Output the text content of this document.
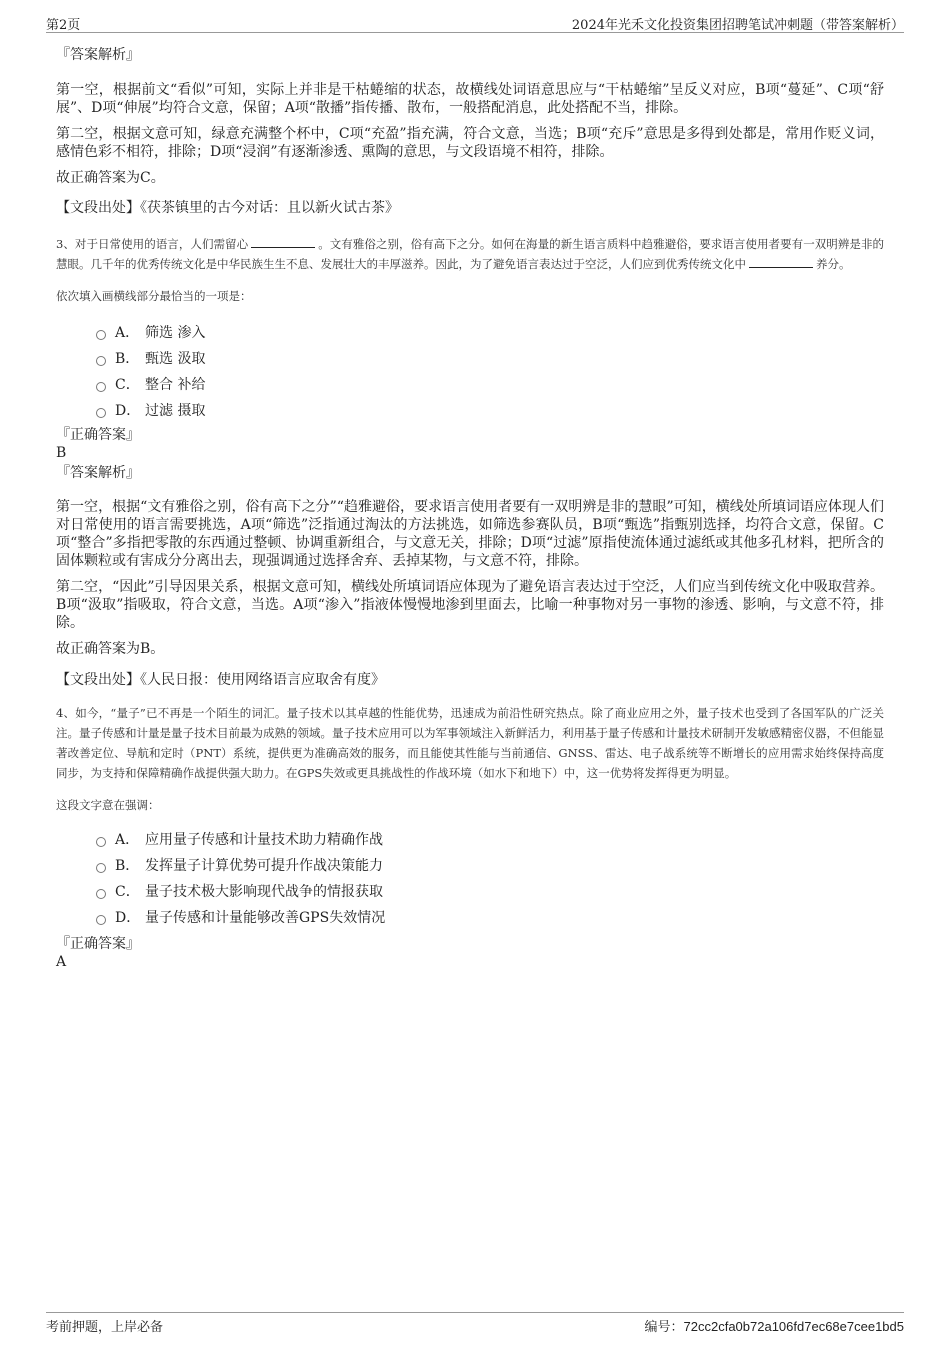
第2页	2024年光禾文化投资集团招聘笔试冲刺题（带答案解析）

『答案解析』

第一空，根据前文“看似”可知，实际上并非是干枯蜷缩的状态，故横线处词语意思应与“干枯蜷缩”呈反义对应，B项“蔓延”、C项“舒展”、D项“伸展”均符合文意，保留；A项“散播”指传播、散布，一般搭配消息，此处搭配不当，排除。

第二空，根据文意可知，绿意充满整个杯中，C项“充盈”指充满，符合文意，当选；B项“充斥”意思是多得到处都是，常用作贬义词，感情色彩不相符，排除；D项“浸润”有逐渐渗透、熏陶的意思，与文段语境不相符，排除。

故正确答案为C。

【文段出处】《茯茶镇里的古今对话：且以新火试古茶》

3、对于日常使用的语言，人们需留心	。文有雅俗之别，俗有高下之分。如何在海量的新生语言质料中趋雅避俗，要求语言使用者要有一双明辨是非的慧眼。几千年的优秀传统文化是中华民族生生不息、发展壮大的丰厚滋养。因此，为了避免语言表达过于空泛，人们应到优秀传统文化中	养分。

依次填入画横线部分最恰当的一项是：

A． 筛选 渗入
B． 甄选 汲取
C． 整合 补给
D． 过滤 摄取

『正确答案』

B

『答案解析』

第一空，根据“文有雅俗之别，俗有高下之分”“趋雅避俗，要求语言使用者要有一双明辨是非的慧眼”可知，横线处所填词语应体现人们对日常使用的语言需要挑选，A项“筛选”泛指通过淘汰的方法挑选，如筛选参赛队员，B项“甄选”指甄别选择，均符合文意，保留。C项“整合”多指把零散的东西通过整顿、协调重新组合，与文意无关，排除；D项“过滤”原指使流体通过滤纸或其他多孔材料，把所含的固体颗粒或有害成分分离出去，现强调通过选择舍弃、丢掉某物，与文意不符，排除。

第二空，“因此”引导因果关系，根据文意可知，横线处所填词语应体现为了避免语言表达过于空泛，人们应当到传统文化中吸取营养。B项“汲取”指吸取，符合文意，当选。A项“渗入”指液体慢慢地渗到里面去，比喻一种事物对另一事物的渗透、影响，与文意不符，排除。

故正确答案为B。

【文段出处】《人民日报：使用网络语言应取舍有度》

4、如今，“量子”已不再是一个陌生的词汇。量子技术以其卓越的性能优势，迅速成为前沿性研究热点。除了商业应用之外，量子技术也受到了各国军队的广泛关注。量子传感和计量是量子技术目前最为成熟的领域。量子技术应用可以为军事领域注入新鲜活力，利用基于量子传感和计量技术研制开发敏感精密仪器，不但能显著改善定位、导航和定时（PNT）系统，提供更为准确高效的服务，而且能使其性能与当前通信、GNSS、雷达、电子战系统等不断增长的应用需求始终保持高度同步，为支持和保障精确作战提供强大助力。在GPS失效或更具挑战性的作战环境（如水下和地下）中，这一优势将发挥得更为明显。

这段文字意在强调：

A． 应用量子传感和计量技术助力精确作战
B． 发挥量子计算优势可提升作战决策能力
C． 量子技术极大影响现代战争的情报获取
D． 量子传感和计量能够改善GPS失效情况

『正确答案』

A

考前押题，上岸必备	编号：72cc2cfa0b72a106fd7ec68e7cee1bd5
